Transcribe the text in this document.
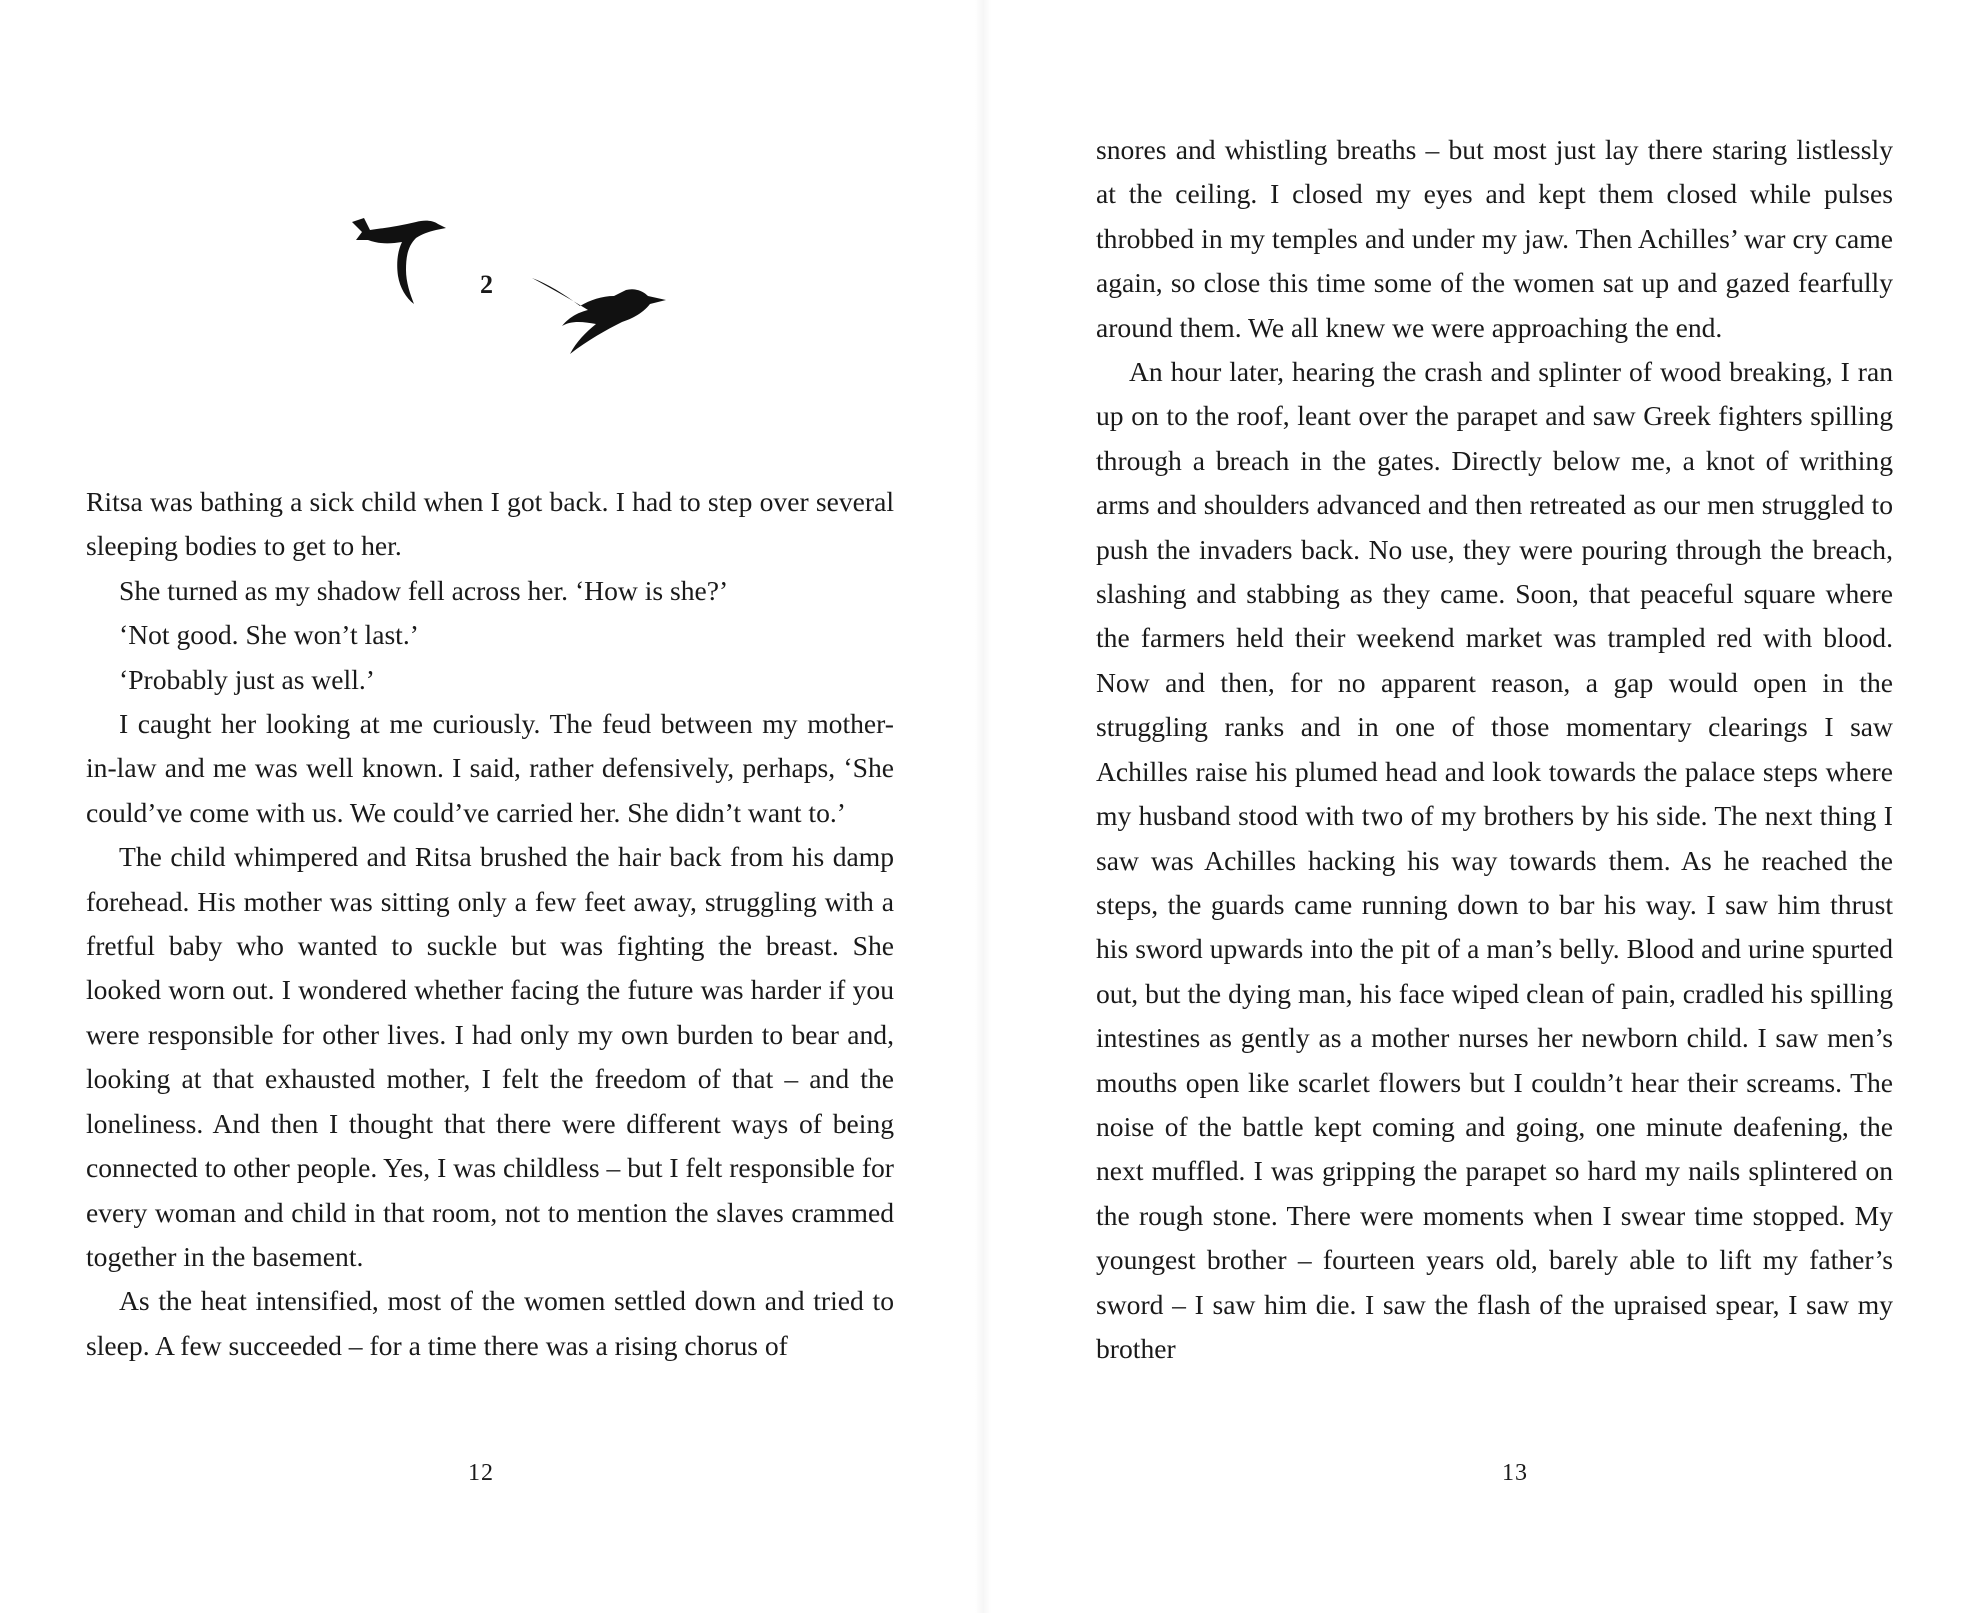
2

Ritsa was bathing a sick child when I got back. I had to step over several sleeping bodies to get to her.

She turned as my shadow fell across her. ‘How is she?’

‘Not good. She won’t last.’

‘Probably just as well.’

I caught her looking at me curiously. The feud between my mother-in-law and me was well known. I said, rather defensively, perhaps, ‘She could’ve come with us. We could’ve carried her. She didn’t want to.’

The child whimpered and Ritsa brushed the hair back from his damp forehead. His mother was sitting only a few feet away, struggling with a fretful baby who wanted to suckle but was fighting the breast. She looked worn out. I wondered whether facing the future was harder if you were responsible for other lives. I had only my own burden to bear and, looking at that exhausted mother, I felt the freedom of that – and the loneliness. And then I thought that there were different ways of being connected to other people. Yes, I was childless – but I felt responsible for every woman and child in that room, not to mention the slaves crammed together in the basement.

As the heat intensified, most of the women settled down and tried to sleep. A few succeeded – for a time there was a rising chorus of

12

snores and whistling breaths – but most just lay there staring listlessly at the ceiling. I closed my eyes and kept them closed while pulses throbbed in my temples and under my jaw. Then Achilles’ war cry came again, so close this time some of the women sat up and gazed fearfully around them. We all knew we were approaching the end.

An hour later, hearing the crash and splinter of wood breaking, I ran up on to the roof, leant over the parapet and saw Greek fighters spilling through a breach in the gates. Directly below me, a knot of writhing arms and shoulders advanced and then retreated as our men struggled to push the invaders back. No use, they were pouring through the breach, slashing and stabbing as they came. Soon, that peaceful square where the farmers held their weekend market was trampled red with blood. Now and then, for no apparent reason, a gap would open in the struggling ranks and in one of those momentary clearings I saw Achilles raise his plumed head and look towards the palace steps where my husband stood with two of my brothers by his side. The next thing I saw was Achilles hacking his way towards them. As he reached the steps, the guards came running down to bar his way. I saw him thrust his sword upwards into the pit of a man’s belly. Blood and urine spurted out, but the dying man, his face wiped clean of pain, cradled his spilling intestines as gently as a mother nurses her newborn child. I saw men’s mouths open like scarlet flowers but I couldn’t hear their screams. The noise of the battle kept coming and going, one minute deafening, the next muffled. I was gripping the parapet so hard my nails splintered on the rough stone. There were moments when I swear time stopped. My youngest brother – fourteen years old, barely able to lift my father’s sword – I saw him die. I saw the flash of the upraised spear, I saw my brother

13
